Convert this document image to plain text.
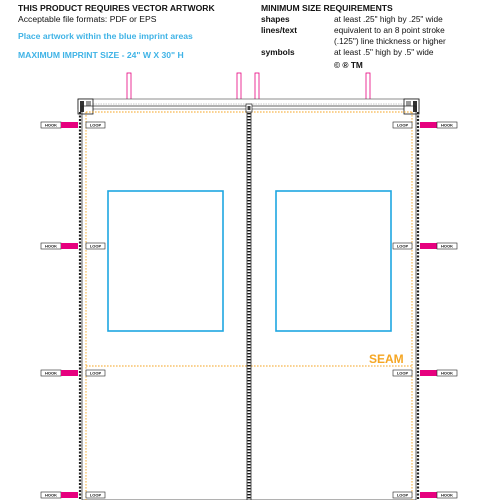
THIS PRODUCT REQUIRES VECTOR ARTWORK
Acceptable file formats: PDF or EPS
Place artwork within the blue imprint areas
MAXIMUM IMPRINT SIZE - 24" W X 30" H
MINIMUM SIZE REQUIREMENTS
shapes	at least .25" high by .25" wide
lines/text	equivalent to an 8 point stroke
(.125") line thickness or higher
symbols	at least .5" high by .5" wide
© ® TM
SEAM
HOOK	LOOP	LOOP	HOOK
HOOK	LOOP	LOOP	HOOK
HOOK	LOOP	LOOP	HOOK
HOOK	LOOP	LOOP	HOOK
